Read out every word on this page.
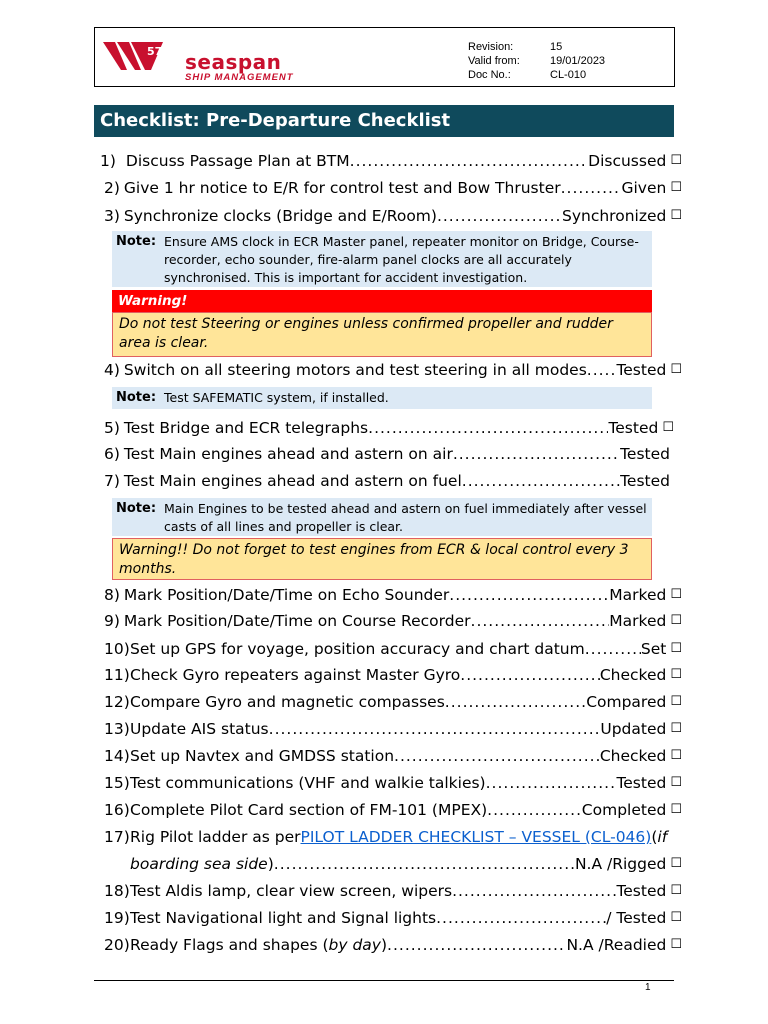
57 seaspan
SHIP MANAGEMENT
Revision:	15
Valid from:	19/01/2023
Doc No.:	CL-010
Checklist: Pre-Departure Checklist
1) Discuss Passage Plan at BTM .....	Discussed ☐
2) Give 1 hr notice to E/R for control test and Bow Thruster .....	Given ☐
3) Synchronize clocks (Bridge and E/Room) .....	Synchronized ☐
Note: Ensure AMS clock in ECR Master panel, repeater monitor on Bridge, Course-recorder, echo sounder, fire-alarm panel clocks are all accurately synchronised. This is important for accident investigation.
Warning!
Do not test Steering or engines unless confirmed propeller and rudder area is clear.
4) Switch on all steering motors and test steering in all modes ..... Tested ☐
Note: Test SAFEMATIC system, if installed.
5) Test Bridge and ECR telegraphs .....	Tested ☐
6) Test Main engines ahead and astern on air .....	Tested
7) Test Main engines ahead and astern on fuel .....	Tested
Note: Main Engines to be tested ahead and astern on fuel immediately after vessel casts of all lines and propeller is clear.
Warning!! Do not forget to test engines from ECR & local control every 3 months.
8) Mark Position/Date/Time on Echo Sounder .....	Marked ☐
9) Mark Position/Date/Time on Course Recorder .....	Marked ☐
10) Set up GPS for voyage, position accuracy and chart datum .....	Set ☐
11) Check Gyro repeaters against Master Gyro .....	Checked ☐
12) Compare Gyro and magnetic compasses .....	Compared ☐
13) Update AIS status .....	Updated ☐
14) Set up Navtex and GMDSS station .....	Checked ☐
15) Test communications (VHF and walkie talkies) .....	Tested ☐
16) Complete Pilot Card section of FM-101 (MPEX) .....	Completed ☐
17) Rig Pilot ladder as per PILOT LADDER CHECKLIST – VESSEL (CL-046) ( if
boarding sea side ) .....	N.A /Rigged ☐
18) Test Aldis lamp, clear view screen, wipers .....	Tested ☐
19) Test Navigational light and Signal lights .....	/ Tested ☐
20) Ready Flags and shapes ( by day ) .....	N.A /Readied ☐
1
